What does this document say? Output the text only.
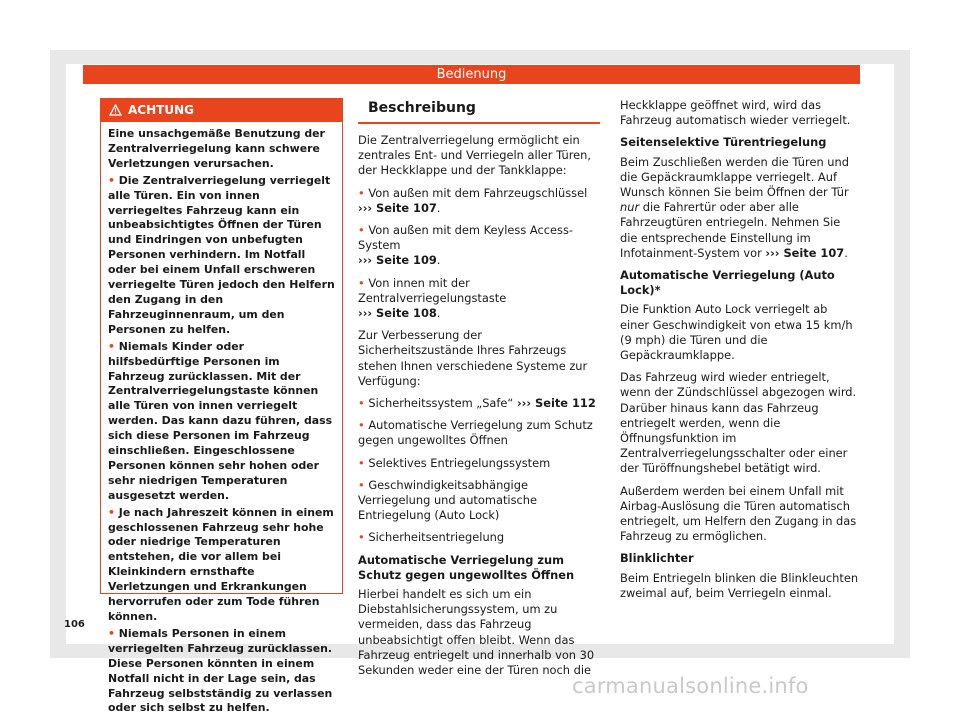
Bedienung
ACHTUNG

Eine unsachgemäße Benutzung der Zentralverriegelung kann schwere Verletzungen verursachen.

• Die Zentralverriegelung verriegelt alle Türen. Ein von innen verriegeltes Fahrzeug kann ein unbeabsichtigtes Öffnen der Türen und Eindringen von unbefugten Personen verhindern. Im Notfall oder bei einem Unfall erschweren verriegelte Türen jedoch den Helfern den Zugang in den Fahrzeuginnenraum, um den Personen zu helfen.

• Niemals Kinder oder hilfsbedürftige Personen im Fahrzeug zurücklassen. Mit der Zentralverriegelungstaste können alle Türen von innen verriegelt werden. Das kann dazu führen, dass sich diese Personen im Fahrzeug einschließen. Eingeschlossene Personen können sehr hohen oder sehr niedrigen Temperaturen ausgesetzt werden.

• Je nach Jahreszeit können in einem geschlossenen Fahrzeug sehr hohe oder niedrige Temperaturen entstehen, die vor allem bei Kleinkindern ernsthafte Verletzungen und Erkrankungen hervorrufen oder zum Tode führen können.

• Niemals Personen in einem verriegelten Fahrzeug zurücklassen. Diese Personen könnten in einem Notfall nicht in der Lage sein, das Fahrzeug selbstständig zu verlassen oder sich selbst zu helfen.

Beschreibung

Die Zentralverriegelung ermöglicht ein zentrales Ent- und Verriegeln aller Türen, der Heckklappe und der Tankklappe:

• Von außen mit dem Fahrzeugschlüssel
››› Seite 107.

• Von außen mit dem Keyless Access-System
››› Seite 109.

• Von innen mit der Zentralverriegelungstaste
››› Seite 108.

Zur Verbesserung der Sicherheitszustände Ihres Fahrzeugs stehen Ihnen verschiedene Systeme zur Verfügung:

• Sicherheitssystem „Safe“ ››› Seite 112

• Automatische Verriegelung zum Schutz gegen ungewolltes Öffnen

• Selektives Entriegelungssystem

• Geschwindigkeitsabhängige Verriegelung und automatische Entriegelung (Auto Lock)

• Sicherheitsentriegelung

Automatische Verriegelung zum Schutz gegen ungewolltes Öffnen

Hierbei handelt es sich um ein Diebstahlsicherungssystem, um zu vermeiden, dass das Fahrzeug unbeabsichtigt offen bleibt. Wenn das Fahrzeug entriegelt und innerhalb von 30 Sekunden weder eine der Türen noch die

Heckklappe geöffnet wird, wird das Fahrzeug automatisch wieder verriegelt.

Seitenselektive Türentriegelung

Beim Zuschließen werden die Türen und die Gepäckraumklappe verriegelt. Auf Wunsch können Sie beim Öffnen der Tür nur die Fahrertür oder aber alle Fahrzeugtüren entriegeln. Nehmen Sie die entsprechende Einstellung im Infotainment-System vor ››› Seite 107.

Automatische Verriegelung (Auto Lock)*

Die Funktion Auto Lock verriegelt ab einer Geschwindigkeit von etwa 15 km/h (9 mph) die Türen und die Gepäckraumklappe.

Das Fahrzeug wird wieder entriegelt, wenn der Zündschlüssel abgezogen wird. Darüber hinaus kann das Fahrzeug entriegelt werden, wenn die Öffnungsfunktion im Zentralverriegelungsschalter oder einer der Türöffnungshebel betätigt wird.

Außerdem werden bei einem Unfall mit Airbag-Auslösung die Türen automatisch entriegelt, um Helfern den Zugang in das Fahrzeug zu ermöglichen.

Blinklichter

Beim Entriegeln blinken die Blinkleuchten zweimal auf, beim Verriegeln einmal.

106
carmanualsonline.info
